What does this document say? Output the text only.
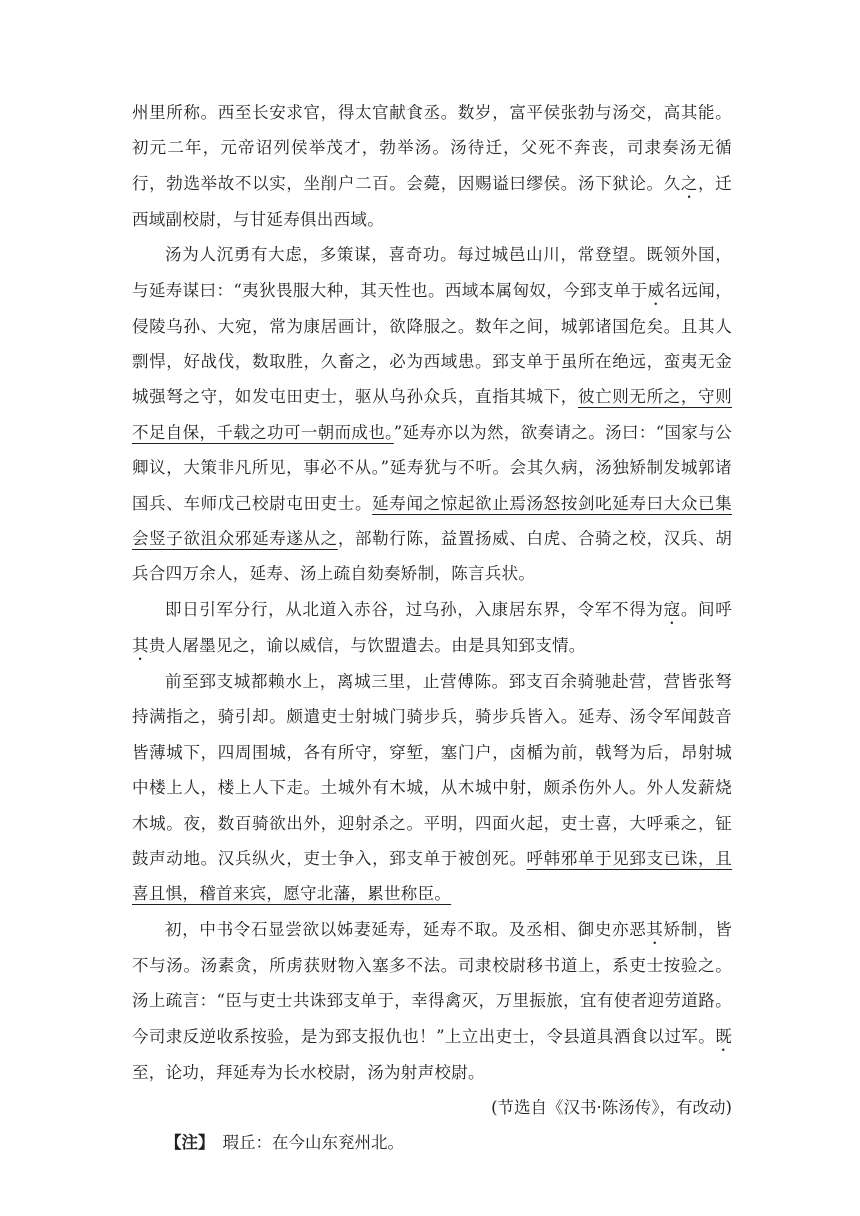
州里所称。西至长安求官，得太官献食丞。数岁，富平侯张勃与汤交，高其能。初元二年，元帝诏列侯举茂才，勃举汤。汤待迁，父死不奔丧，司隶奏汤无循行，勃选举故不以实，坐削户二百。会薨，因赐谥曰缪侯。汤下狱论。久之，迁西域副校尉，与甘延寿俱出西域。

汤为人沉勇有大虑，多策谋，喜奇功。每过城邑山川，常登望。既领外国，与延寿谋曰：“夷狄畏服大种，其天性也。西域本属匈奴，今郅支单于威名远闻，侵陵乌孙、大宛，常为康居画计，欲降服之。数年之间，城郭诸国危矣。且其人剽悍，好战伐，数取胜，久畜之，必为西域患。郅支单于虽所在绝远，蛮夷无金城强弩之守，如发屯田吏士，驱从乌孙众兵，直指其城下，彼亡则无所之，守则不足自保，千载之功可一朝而成也。”延寿亦以为然，欲奏请之。汤曰：“国家与公卿议，大策非凡所见，事必不从。”延寿犹与不听。会其久病，汤独矫制发城郭诸国兵、车师戊己校尉屯田吏士。延寿闻之惊起欲止焉汤怒按剑叱延寿曰大众已集会竖子欲沮众邪延寿遂从之，部勒行陈，益置扬威、白虎、合骑之校，汉兵、胡兵合四万余人，延寿、汤上疏自劾奏矫制，陈言兵状。

即日引军分行，从北道入赤谷，过乌孙，入康居东界，令军不得为寇。间呼其贵人屠墨见之，谕以威信，与饮盟遣去。由是具知郅支情。

前至郅支城都赖水上，离城三里，止营傅陈。郅支百余骑驰赴营，营皆张弩持满指之，骑引却。颇遣吏士射城门骑步兵，骑步兵皆入。延寿、汤令军闻鼓音皆薄城下，四周围城，各有所守，穿堑，塞门户，卤楯为前，戟弩为后，昂射城中楼上人，楼上人下走。土城外有木城，从木城中射，颇杀伤外人。外人发薪烧木城。夜，数百骑欲出外，迎射杀之。平明，四面火起，吏士喜，大呼乘之，钲鼓声动地。汉兵纵火，吏士争入，郅支单于被创死。呼韩邪单于见郅支已诛，且喜且惧，稽首来宾，愿守北藩，累世称臣。

初，中书令石显尝欲以姊妻延寿，延寿不取。及丞相、御史亦恶其矫制，皆不与汤。汤素贪，所虏获财物入塞多不法。司隶校尉移书道上，系吏士按验之。汤上疏言：“臣与吏士共诛郅支单于，幸得禽灭，万里振旅，宜有使者迎劳道路。今司隶反逆收系按验，是为郅支报仇也！”上立出吏士，令县道具酒食以过军。既至，论功，拜延寿为长水校尉，汤为射声校尉。

(节选自《汉书·陈汤传》，有改动)

【注】 瑕丘：在今山东兖州北。
